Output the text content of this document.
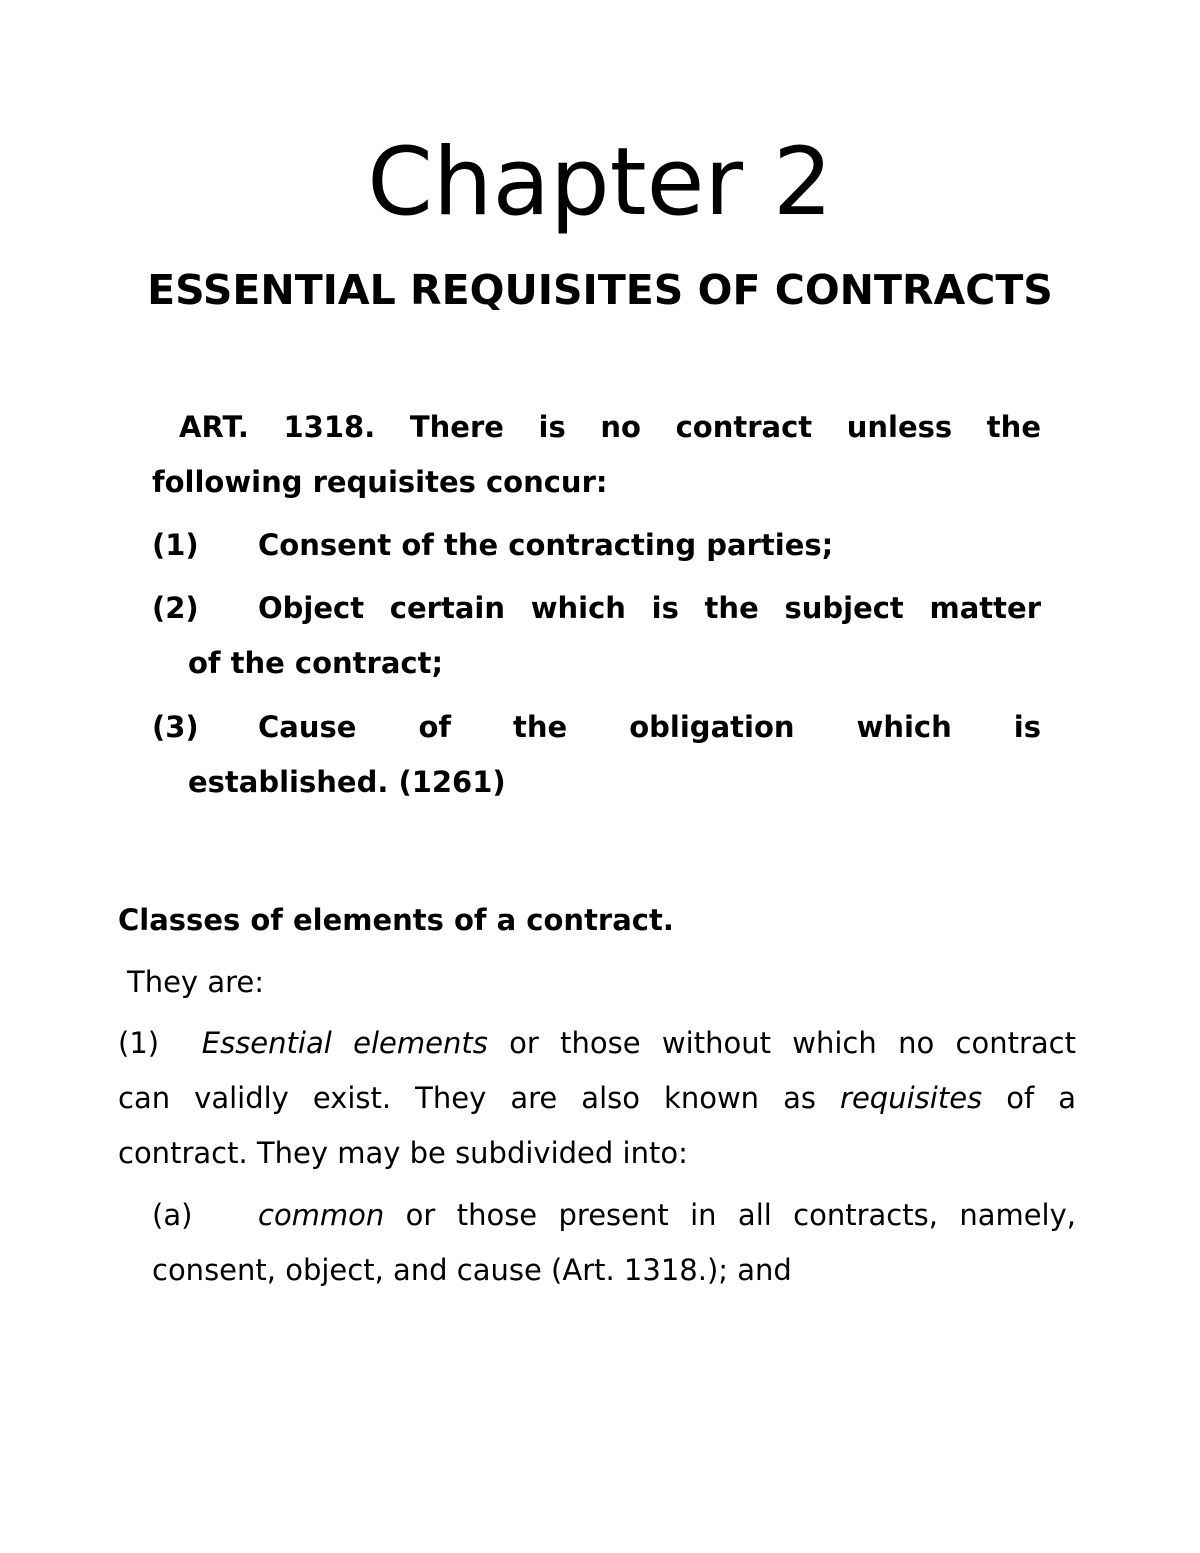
Chapter 2
ESSENTIAL REQUISITES OF CONTRACTS
ART. 1318. There is no contract unless the
following requisites concur:
(1)	Consent of the contracting parties;
(2) Object certain which is the subject matter
of the contract;
(3) Cause of the obligation which is
established. (1261)
Classes of elements of a contract.
They are:
(1) Essential elements or those without which no contract
can validly exist. They are also known as requisites of a
contract. They may be subdivided into:
(a)	common or those present in all contracts, namely,
consent, object, and cause (Art. 1318.); and
